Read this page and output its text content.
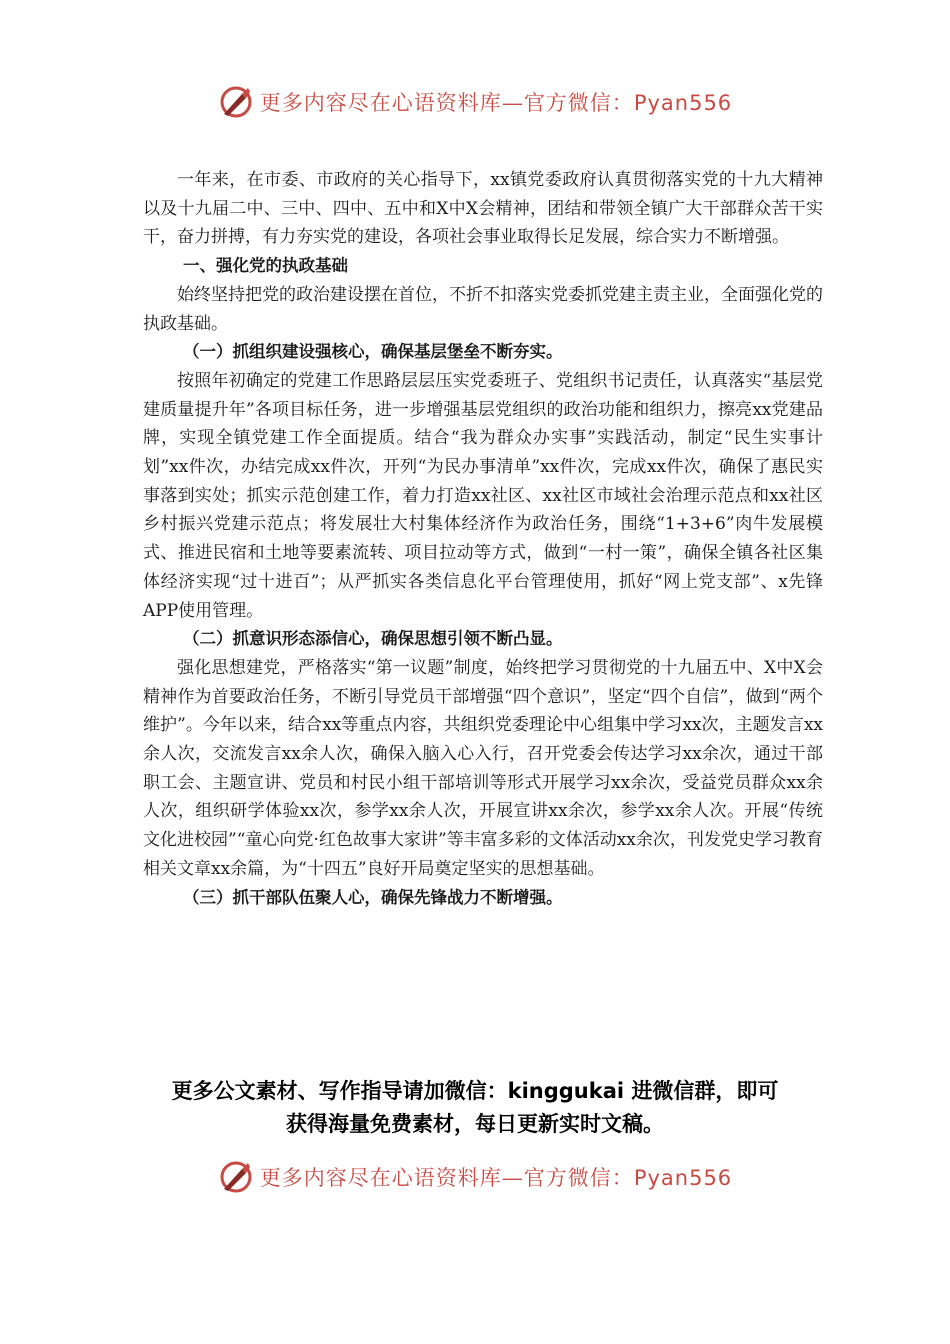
更多内容尽在心语资料库—官方微信：Pyan556

一年来，在市委、市政府的关心指导下，xx镇党委政府认真贯彻落实党的十九大精神以及十九届二中、三中、四中、五中和X中X会精神，团结和带领全镇广大干部群众苦干实干，奋力拼搏，有力夯实党的建设，各项社会事业取得长足发展，综合实力不断增强。

一、强化党的执政基础

始终坚持把党的政治建设摆在首位，不折不扣落实党委抓党建主责主业，全面强化党的执政基础。

（一）抓组织建设强核心，确保基层堡垒不断夯实。

按照年初确定的党建工作思路层层压实党委班子、党组织书记责任，认真落实“基层党建质量提升年”各项目标任务，进一步增强基层党组织的政治功能和组织力，擦亮xx党建品牌，实现全镇党建工作全面提质。结合“我为群众办实事”实践活动，制定“民生实事计划”xx件次，办结完成xx件次，开列“为民办事清单”xx件次，完成xx件次，确保了惠民实事落到实处；抓实示范创建工作，着力打造xx社区、xx社区市域社会治理示范点和xx社区乡村振兴党建示范点；将发展壮大村集体经济作为政治任务，围绕“1+3+6”肉牛发展模式、推进民宿和土地等要素流转、项目拉动等方式，做到“一村一策”，确保全镇各社区集体经济实现“过十进百”；从严抓实各类信息化平台管理使用，抓好“网上党支部”、x先锋APP使用管理。

（二）抓意识形态添信心，确保思想引领不断凸显。

强化思想建党，严格落实“第一议题”制度，始终把学习贯彻党的十九届五中、X中X会精神作为首要政治任务，不断引导党员干部增强“四个意识”，坚定“四个自信”，做到“两个维护”。今年以来，结合xx等重点内容，共组织党委理论中心组集中学习xx次，主题发言xx余人次，交流发言xx余人次，确保入脑入心入行，召开党委会传达学习xx余次，通过干部职工会、主题宣讲、党员和村民小组干部培训等形式开展学习xx余次，受益党员群众xx余人次，组织研学体验xx次，参学xx余人次，开展宣讲xx余次，参学xx余人次。开展“传统文化进校园”“童心向党·红色故事大家讲”等丰富多彩的文体活动xx余次，刊发党史学习教育相关文章xx余篇，为“十四五”良好开局奠定坚实的思想基础。

（三）抓干部队伍聚人心，确保先锋战力不断增强。

更多公文素材、写作指导请加微信：kinggukai 进微信群，即可
获得海量免费素材，每日更新实时文稿。
更多内容尽在心语资料库—官方微信：Pyan556
